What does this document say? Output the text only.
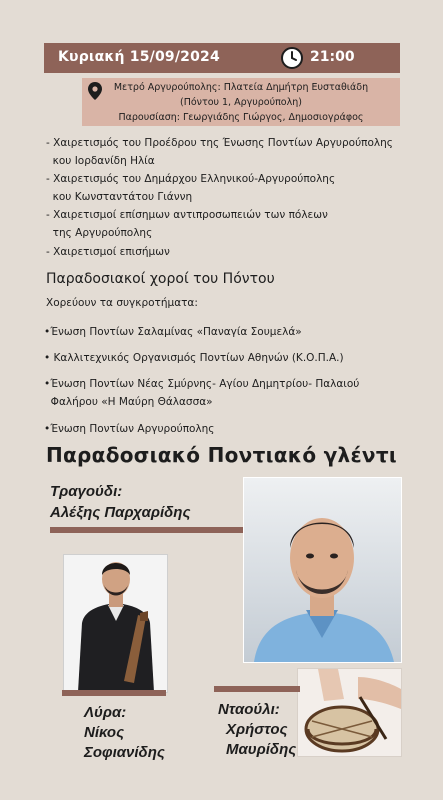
Κυριακή 15/09/2024	21:00
Μετρό Αργυρούπολης: Πλατεία Δημήτρη Ευσταθιάδη
(Πόντου 1, Αργυρούπολη)
Παρουσίαση: Γεωργιάδης Γιώργος, Δημοσιογράφος
- Χαιρετισμός του Προέδρου της Ένωσης Ποντίων Αργυρούπολης
κου Ιορδανίδη Ηλία
- Χαιρετισμός του Δημάρχου Ελληνικού-Αργυρούπολης
κου Κωνσταντάτου Γιάννη
- Χαιρετισμοί επίσημων αντιπροσωπειών των πόλεων
της Αργυρούπολης
- Χαιρετισμοί επισήμων
Παραδοσιακοί χοροί του Πόντου
Χορεύουν τα συγκροτήματα:
•Ένωση Ποντίων Σαλαμίνας «Παναγία Σουμελά»
• Καλλιτεχνικός Οργανισμός Ποντίων Αθηνών (Κ.Ο.Π.Α.)
•Ένωση Ποντίων Νέας Σμύρνης- Αγίου Δημητρίου- Παλαιού
Φαλήρου «Η Μαύρη Θάλασσα»
•Ένωση Ποντίων Αργυρούπολης
Παραδοσιακό Ποντιακό γλέντι
Τραγούδι:
Αλέξης Παρχαρίδης
Λύρα:
Νίκος
Σοφιανίδης
Νταούλι:
Χρήστος
Μαυρίδης
